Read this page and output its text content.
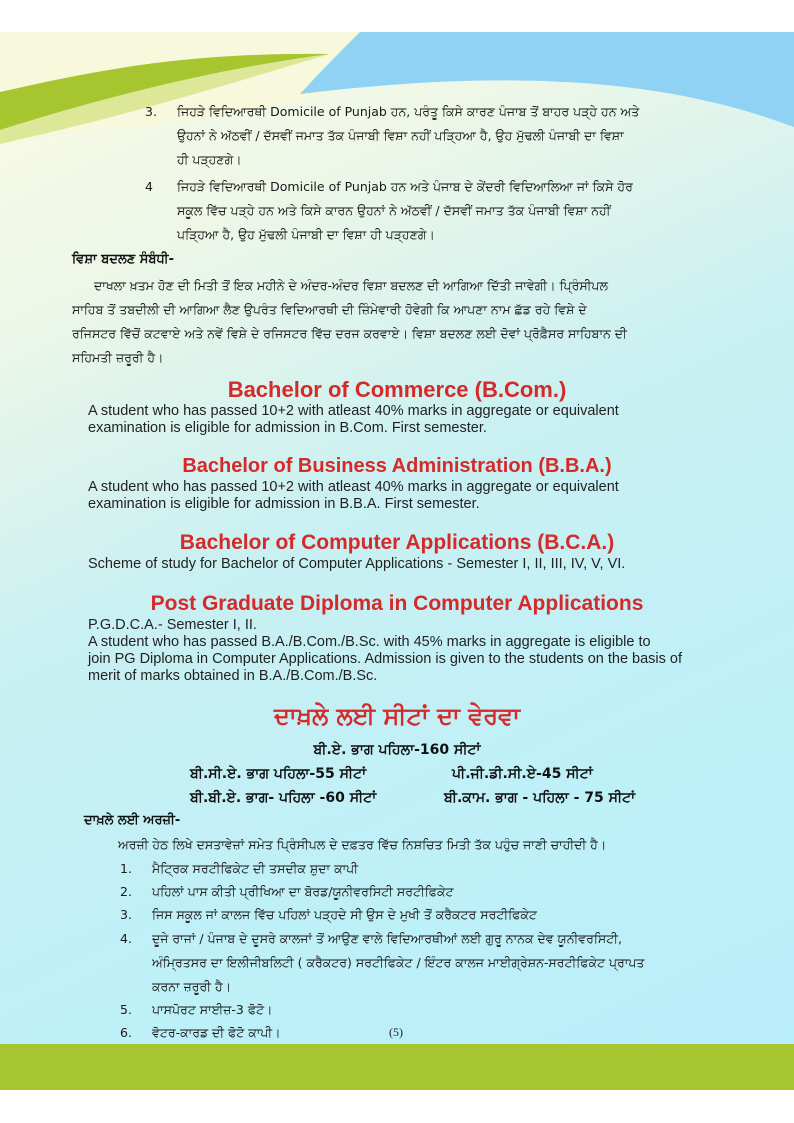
3. ਜਿਹੜੇ ਵਿਦਿਆਰਥੀ Domicile of Punjab ਹਨ, ਪਰੰਤੂ ਕਿਸੇ ਕਾਰਣ ਪੰਜਾਬ ਤੋਂ ਬਾਹਰ ਪੜ੍ਹੇ ਹਨ ਅਤੇ
ਉਹਨਾਂ ਨੇ ਅੱਠਵੀਂ / ਦੱਸਵੀਂ ਜਮਾਤ ਤੱਕ ਪੰਜਾਬੀ ਵਿਸ਼ਾ ਨਹੀਂ ਪੜ੍ਹਿਆ ਹੈ, ਉਹ ਮੁੱਢਲੀ ਪੰਜਾਬੀ ਦਾ ਵਿਸ਼ਾ
ਹੀ ਪੜ੍ਹਣਗੇ।
4 ਜਿਹੜੇ ਵਿਦਿਆਰਥੀ Domicile of Punjab ਹਨ ਅਤੇ ਪੰਜਾਬ ਦੇ ਕੇਂਦਰੀ ਵਿਦਿਆਲਿਆ ਜਾਂ ਕਿਸੇ ਹੋਰ
ਸਕੂਲ ਵਿੱਚ ਪੜ੍ਹੇ ਹਨ ਅਤੇ ਕਿਸੇ ਕਾਰਨ ਉਹਨਾਂ ਨੇ ਅੱਠਵੀਂ / ਦੱਸਵੀਂ ਜਮਾਤ ਤੱਕ ਪੰਜਾਬੀ ਵਿਸ਼ਾ ਨਹੀਂ
ਪੜ੍ਹਿਆ ਹੈ, ਉਹ ਮੁੱਢਲੀ ਪੰਜਾਬੀ ਦਾ ਵਿਸ਼ਾ ਹੀ ਪੜ੍ਹਣਗੇ।
ਵਿਸ਼ਾ ਬਦਲਣ ਸੰਬੰਧੀ-
ਦਾਖਲਾ ਖ਼ਤਮ ਹੋਣ ਦੀ ਮਿਤੀ ਤੋਂ ਇਕ ਮਹੀਨੇ ਦੇ ਅੰਦਰ-ਅੰਦਰ ਵਿਸ਼ਾ ਬਦਲਣ ਦੀ ਆਗਿਆ ਦਿੱਤੀ ਜਾਵੇਗੀ। ਪ੍ਰਿੰਸੀਪਲ
ਸਾਹਿਬ ਤੋਂ ਤਬਦੀਲੀ ਦੀ ਆਗਿਆ ਲੈਣ ਉਪਰੰਤ ਵਿਦਿਆਰਥੀ ਦੀ ਜ਼ਿੰਮੇਵਾਰੀ ਹੋਵੇਗੀ ਕਿ ਆਪਣਾ ਨਾਮ ਛੱਡ ਰਹੇ ਵਿਸ਼ੇ ਦੇ
ਰਜਿਸਟਰ ਵਿੱਚੋਂ ਕਟਵਾਏ ਅਤੇ ਨਵੇਂ ਵਿਸ਼ੇ ਦੇ ਰਜਿਸਟਰ ਵਿੱਚ ਦਰਜ ਕਰਵਾਏ। ਵਿਸ਼ਾ ਬਦਲਣ ਲਈ ਦੋਵਾਂ ਪ੍ਰੋਫ਼ੈਸਰ ਸਾਹਿਬਾਨ ਦੀ
ਸਹਿਮਤੀ ਜ਼ਰੂਰੀ ਹੈ।
Bachelor of Commerce (B.Com.)
A student who has passed 10+2 with atleast 40% marks in aggregate or equivalent
examination is eligible for admission in B.Com. First semester.
Bachelor of Business Administration (B.B.A.)
A student who has passed 10+2 with atleast 40% marks in aggregate or equivalent
examination is eligible for admission in B.B.A. First semester.
Bachelor of Computer Applications (B.C.A.)
Scheme of study for Bachelor of Computer Applications - Semester I, II, III, IV, V, VI.
Post Graduate Diploma in Computer Applications
P.G.D.C.A.- Semester I, II.
A student who has passed B.A./B.Com./B.Sc. with 45% marks in aggregate is eligible to
join PG Diploma in Computer Applications. Admission is given to the students on the basis of
merit of marks obtained in B.A./B.Com./B.Sc.
ਦਾਖ਼ਲੇ ਲਈ ਸੀਟਾਂ ਦਾ ਵੇਰਵਾ
ਬੀ.ਏ. ਭਾਗ ਪਹਿਲਾ-160 ਸੀਟਾਂ
ਬੀ.ਸੀ.ਏ. ਭਾਗ ਪਹਿਲਾ-55 ਸੀਟਾਂ	ਪੀ.ਜੀ.ਡੀ.ਸੀ.ਏ-45 ਸੀਟਾਂ
ਬੀ.ਬੀ.ਏ. ਭਾਗ- ਪਹਿਲਾ -60 ਸੀਟਾਂ	ਬੀ.ਕਾਮ. ਭਾਗ - ਪਹਿਲਾ - 75 ਸੀਟਾਂ
ਦਾਖ਼ਲੇ ਲਈ ਅਰਜ਼ੀ-
ਅਰਜ਼ੀ ਹੇਠ ਲਿਖੇ ਦਸਤਾਵੇਜ਼ਾਂ ਸਮੇਤ ਪ੍ਰਿੰਸੀਪਲ ਦੇ ਦਫ਼ਤਰ ਵਿੱਚ ਨਿਸ਼ਚਿਤ ਮਿਤੀ ਤੱਕ ਪਹੁੰਚ ਜਾਣੀ ਚਾਹੀਦੀ ਹੈ।
1. ਮੈਟ੍ਰਿਕ ਸਰਟੀਫਿਕੇਟ ਦੀ ਤਸਦੀਕ ਸ਼ੁਦਾ ਕਾਪੀ
2. ਪਹਿਲਾਂ ਪਾਸ ਕੀਤੀ ਪ੍ਰੀਖਿਆ ਦਾ ਬੋਰਡ/ਯੂਨੀਵਰਸਿਟੀ ਸਰਟੀਫਿਕੇਟ
3. ਜਿਸ ਸਕੂਲ ਜਾਂ ਕਾਲਜ ਵਿੱਚ ਪਹਿਲਾਂ ਪੜ੍ਹਦੇ ਸੀ ਉਸ ਦੇ ਮੁਖੀ ਤੋਂ ਕਰੈਕਟਰ ਸਰਟੀਫਿਕੇਟ
4. ਦੂਜੇ ਰਾਜਾਂ / ਪੰਜਾਬ ਦੇ ਦੂਸਰੇ ਕਾਲਜਾਂ ਤੋਂ ਆਉਣ ਵਾਲੇ ਵਿਦਿਆਰਥੀਆਂ ਲਈ ਗੁਰੂ ਨਾਨਕ ਦੇਵ ਯੂਨੀਵਰਸਿਟੀ,
ਅੰਮ੍ਰਿਤਸਰ ਦਾ ਇਲੀਜੀਬਲਿਟੀ ( ਕਰੈਕਟਰ) ਸਰਟੀਫਿਕੇਟ / ਇੰਟਰ ਕਾਲਜ ਮਾਈਗ੍ਰੇਸ਼ਨ-ਸਰਟੀਫਿਕੇਟ ਪ੍ਰਾਪਤ
ਕਰਨਾ ਜ਼ਰੂਰੀ ਹੈ।
5. ਪਾਸਪੋਰਟ ਸਾਈਜ਼-3 ਫੋਟੋ।
6. ਵੋਟਰ-ਕਾਰਡ ਦੀ ਫੋਟੋ ਕਾਪੀ।	(5)
